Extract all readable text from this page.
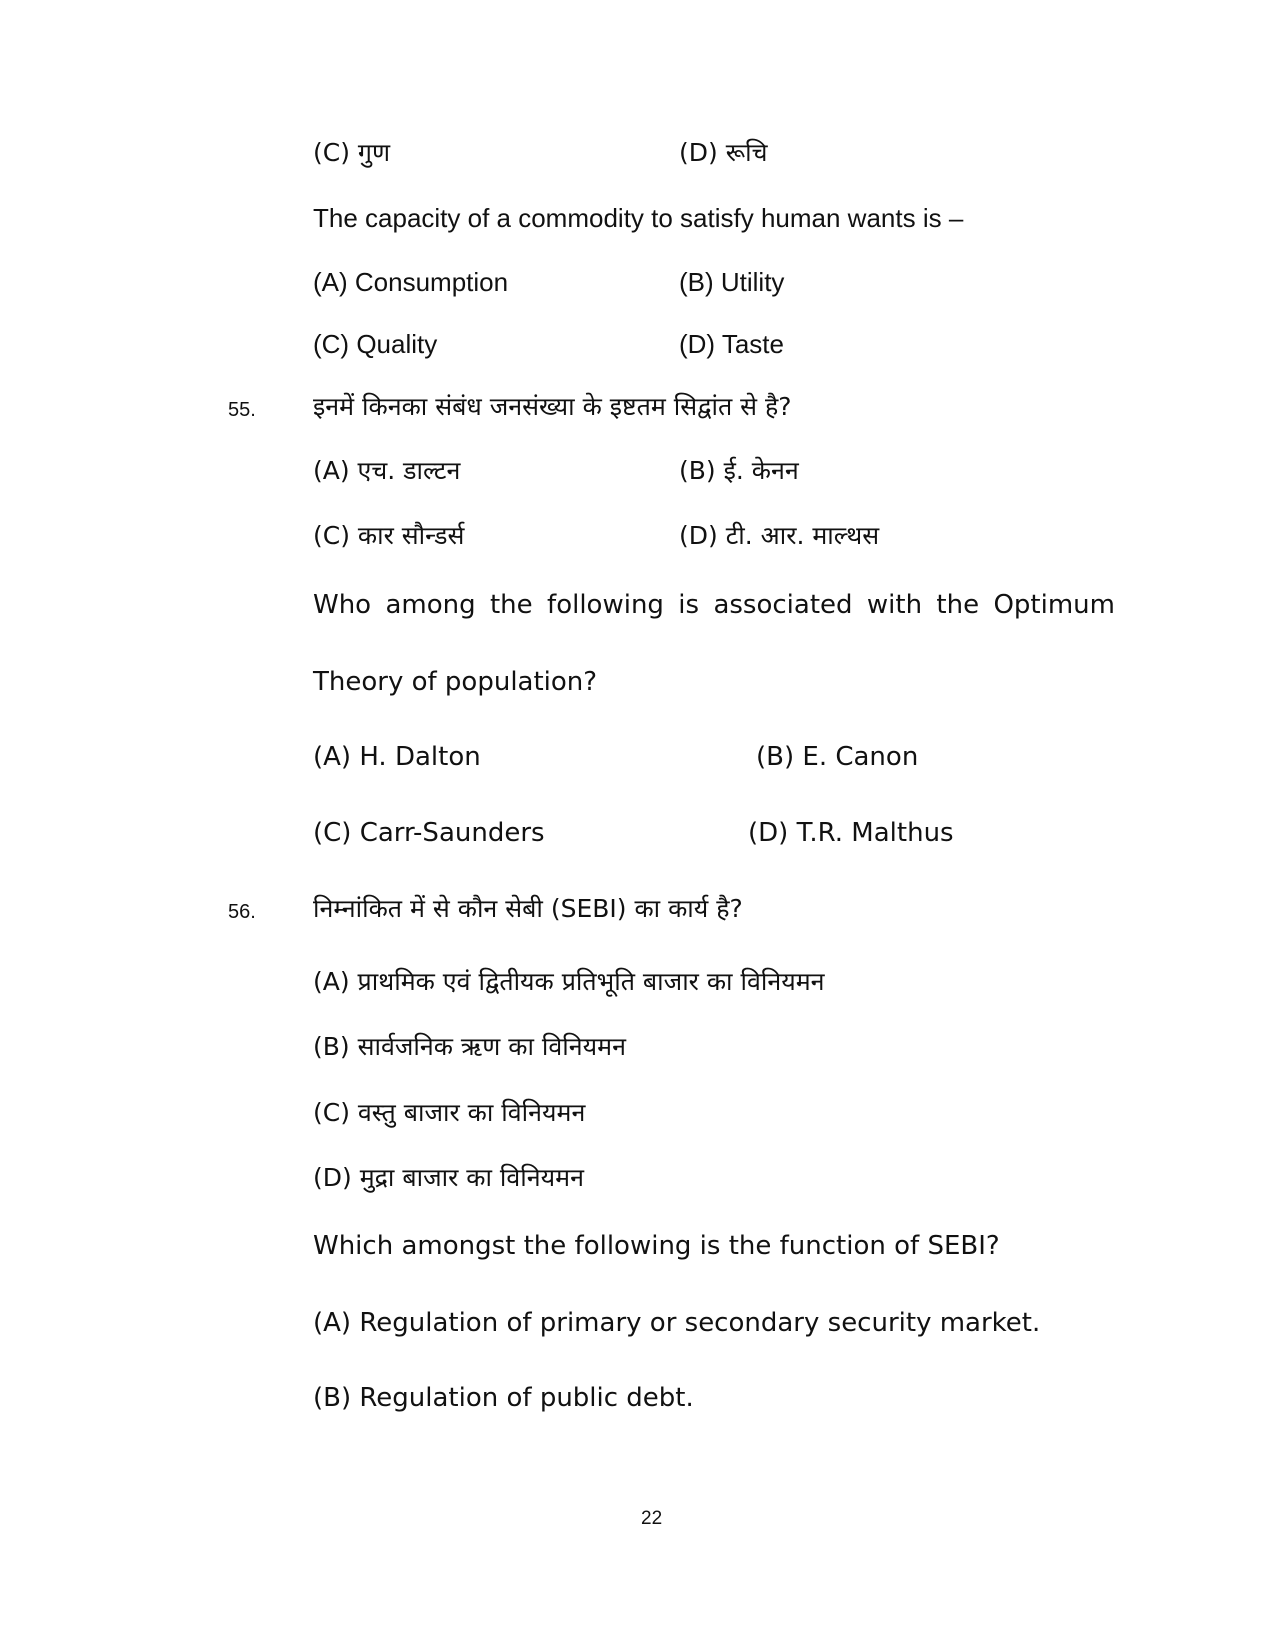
(C) गुण	(D) रूचि
The capacity of a commodity to satisfy human wants is –
(A) Consumption	(B) Utility
(C) Quality	(D) Taste
55. इनमें किनका संबंध जनसंख्या के इष्टतम सिद्वांत से है?
(A) एच. डाल्टन	(B) ई. केनन
(C) कार सौन्डर्स	(D) टी. आर. माल्थस
Who among the following is associated with the Optimum
Theory of population?
(A) H. Dalton	(B) E. Canon
(C) Carr-Saunders	(D) T.R. Malthus
56. निम्नांकित में से कौन सेबी (SEBI) का कार्य है?
(A) प्राथमिक एवं द्वितीयक प्रतिभूति बाजार का विनियमन
(B) सार्वजनिक ऋण का विनियमन
(C) वस्तु बाजार का विनियमन
(D) मुद्रा बाजार का विनियमन
Which amongst the following is the function of SEBI?
(A) Regulation of primary or secondary security market.
(B) Regulation of public debt.
22
